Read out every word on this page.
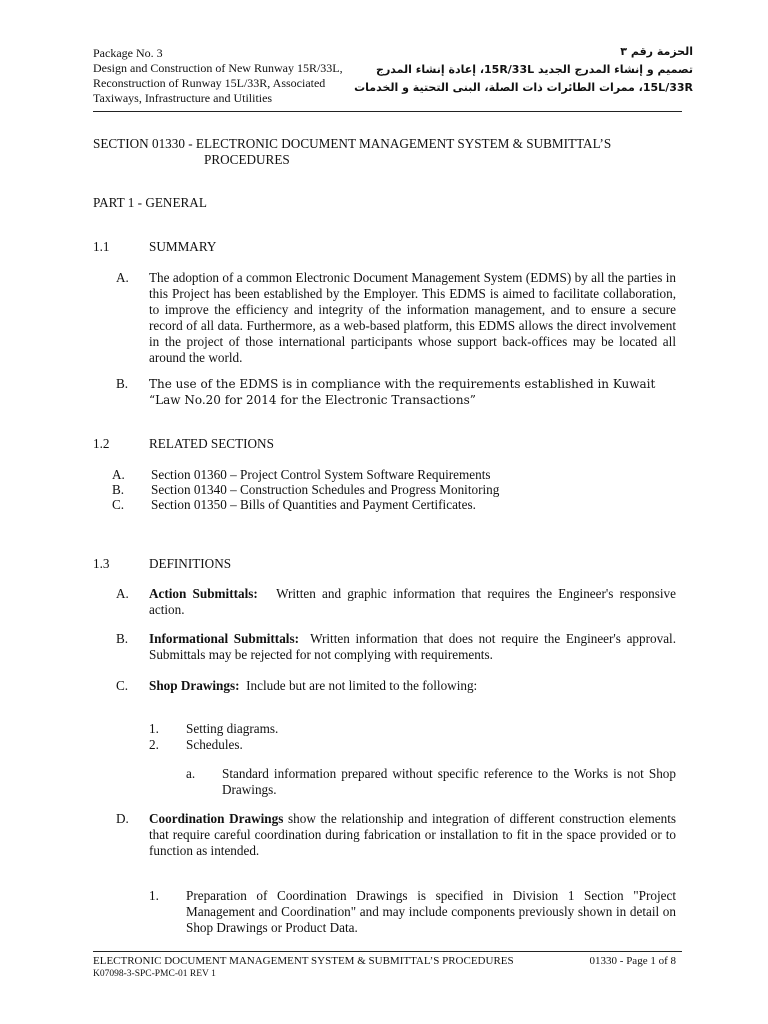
Package No. 3
Design and Construction of New Runway 15R/33L,
Reconstruction of Runway 15L/33R, Associated
Taxiways, Infrastructure and Utilities
الحزمة رقم ٣
تصميم و إنشاء المدرج الجديد 15R/33L، إعادة إنشاء المدرج
15L/33R، ممرات الطائرات ذات الصلة، البنى التحتية و الخدمات
SECTION 01330 - ELECTRONIC DOCUMENT MANAGEMENT SYSTEM & SUBMITTAL’S
PROCEDURES
PART 1 - GENERAL
1.1	SUMMARY
A. The adoption of a common Electronic Document Management System (EDMS) by all the parties in this Project has been established by the Employer. This EDMS is aimed to facilitate collaboration, to improve the efficiency and integrity of the information management, and to ensure a secure record of all data. Furthermore, as a web-based platform, this EDMS allows the direct involvement in the project of those international participants whose support back-offices may be located all around the world.
B. The use of the EDMS is in compliance with the requirements established in Kuwait “Law No.20 for 2014 for the Electronic Transactions”
1.2	RELATED SECTIONS
A. Section 01360 – Project Control System Software Requirements
B. Section 01340 – Construction Schedules and Progress Monitoring
C. Section 01350 – Bills of Quantities and Payment Certificates.
1.3	DEFINITIONS
A. Action Submittals: Written and graphic information that requires the Engineer's responsive action.
B. Informational Submittals: Written information that does not require the Engineer's approval. Submittals may be rejected for not complying with requirements.
C. Shop Drawings: Include but are not limited to the following:
1. Setting diagrams.
2. Schedules.
a. Standard information prepared without specific reference to the Works is not Shop Drawings.
D. Coordination Drawings show the relationship and integration of different construction elements that require careful coordination during fabrication or installation to fit in the space provided or to function as intended.
1. Preparation of Coordination Drawings is specified in Division 1 Section "Project Management and Coordination" and may include components previously shown in detail on Shop Drawings or Product Data.
ELECTRONIC DOCUMENT MANAGEMENT SYSTEM & SUBMITTAL’S PROCEDURES	01330 - Page 1 of 8
K07098-3-SPC-PMC-01 REV 1
